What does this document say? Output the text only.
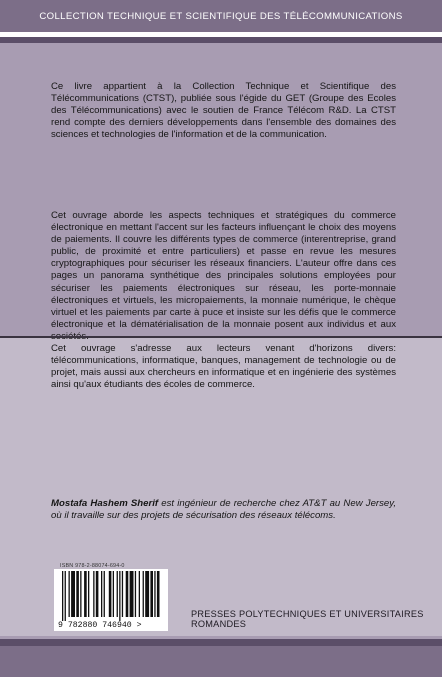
COLLECTION TECHNIQUE ET SCIENTIFIQUE DES TÉLÉCOMMUNICATIONS

Ce livre appartient à la Collection Technique et Scientifique des Télécommunications (CTST), publiée sous l'égide du GET (Groupe des Ecoles des Télécommunications) avec le soutien de France Télécom R&D. La CTST rend compte des derniers développements dans l'ensemble des domaines des sciences et technologies de l'information et de la communication.

Cet ouvrage aborde les aspects techniques et stratégiques du commerce électronique en mettant l'accent sur les facteurs influençant le choix des moyens de paiements. Il couvre les différents types de commerce (interentreprise, grand public, de proximité et entre particuliers) et passe en revue les mesures cryptographiques pour sécuriser les réseaux financiers. L'auteur offre dans ces pages un panorama synthétique des principales solutions employées pour sécuriser les paiements électroniques sur réseau, les porte-monnaie électroniques et virtuels, les micropaiements, la monnaie numérique, le chèque virtuel et les paiements par carte à puce et insiste sur les défis que le commerce électronique et la dématérialisation de la monnaie posent aux individus et aux

Cet ouvrage s'adresse aux lecteurs venant d'horizons divers: télécommunications, informatique, banques, management de technologie ou de projet, mais aussi aux chercheurs en informatique et en ingénierie des systèmes ainsi qu'aux étudiants des écoles de commerce.

Mostafa Hashem Sherif est ingénieur de recherche chez AT&T au New Jersey, où il travaille sur des projets de sécurisation des réseaux télécoms.

ISBN 978-2-88074-694-0
9 782880 746940 >
PRESSES POLYTECHNIQUES ET UNIVERSITAIRES ROMANDES
